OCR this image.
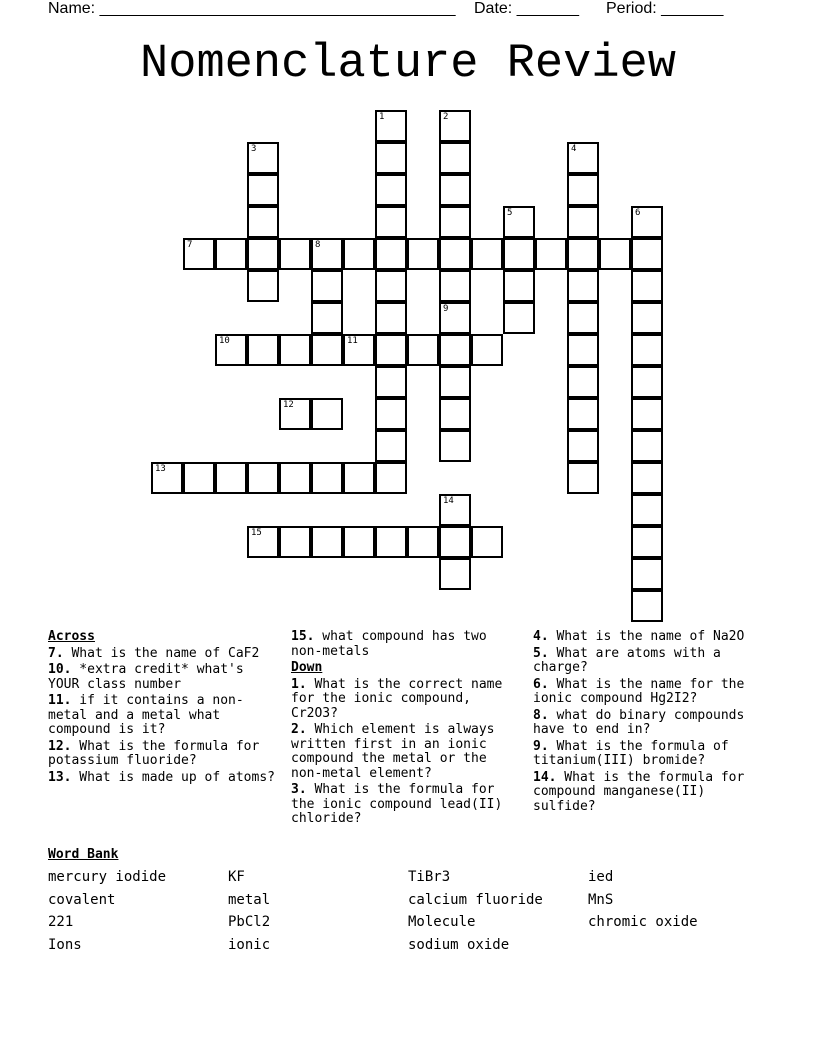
Name: ________________________________________ Date: _______ Period: _______
Nomenclature Review
1	2
9
3	4
5	6
7	8
10	11
12
13
14
15
Across
7. What is the name of CaF2
10. *extra credit* what's YOUR class number
11. if it contains a non-metal and a metal what compound is it?
12. What is the formula for potassium fluoride?
13. What is made up of atoms?
15. what compound has two non-metals
Down
1. What is the correct name for the ionic compound, Cr2O3?
2. Which element is always written first in an ionic compound the metal or the non-metal element?
3. What is the formula for the ionic compound lead(II) chloride?
4. What is the name of Na2O
5. What are atoms with a charge?
6. What is the name for the ionic compound Hg2I2?
8. what do binary compounds have to end in?
9. What is the formula of titanium(III) bromide?
14. What is the formula for compound manganese(II) sulfide?
Word Bank
mercury iodide	KF	TiBr3	ied
covalent	metal	calcium fluoride	MnS
221	PbCl2	Molecule	chromic oxide
Ions	ionic	sodium oxide
